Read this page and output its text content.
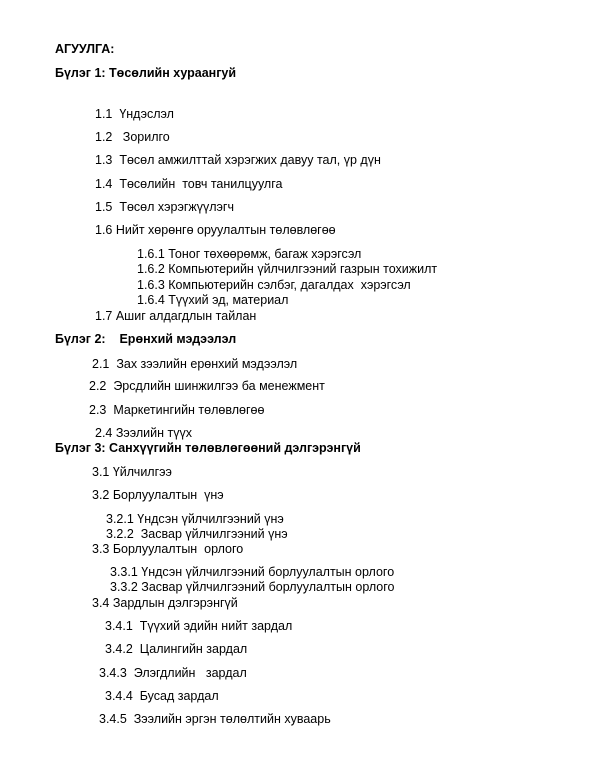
АГУУЛГА:
Бүлэг 1: Төсөлийн хураангуй
1.1  Үндэслэл
1.2   Зорилго
1.3  Төсөл амжилттай хэрэгжих давуу тал, үр дүн
1.4  Төсөлийн  товч танилцуулга
1.5  Төсөл хэрэгжүүлэгч
1.6 Нийт хөрөнгө оруулалтын төлөвлөгөө
1.6.1 Тоног төхөөрөмж, багаж хэрэгсэл
1.6.2 Компьютерийн үйлчилгээний газрын тохижилт
1.6.3 Компьютерийн сэлбэг, дагалдах  хэрэгсэл
1.6.4 Түүхий эд, материал
1.7 Ашиг алдагдлын тайлан
Бүлэг 2:    Ерөнхий мэдээлэл
2.1  Зах зээлийн ерөнхий мэдээлэл
2.2  Эрсдлийн шинжилгээ ба менежмент
2.3  Маркетингийн төлөвлөгөө
2.4 Зээлийн түүх
Бүлэг 3: Санхүүгийн төлөвлөгөөний дэлгэрэнгүй
3.1 Үйлчилгээ
3.2 Борлуулалтын  үнэ
3.2.1 Үндсэн үйлчилгээний үнэ
3.2.2  Засвар үйлчилгээний үнэ
3.3 Борлуулалтын  орлого
3.3.1 Үндсэн үйлчилгээний борлуулалтын орлого
3.3.2 Засвар үйлчилгээний борлуулалтын орлого
3.4 Зардлын дэлгэрэнгүй
3.4.1  Түүхий эдийн нийт зардал
3.4.2  Цалингийн зардал
3.4.3  Элэгдлийн   зардал
3.4.4  Бусад зардал
3.4.5  Зээлийн эргэн төлөлтийн хуваарь
